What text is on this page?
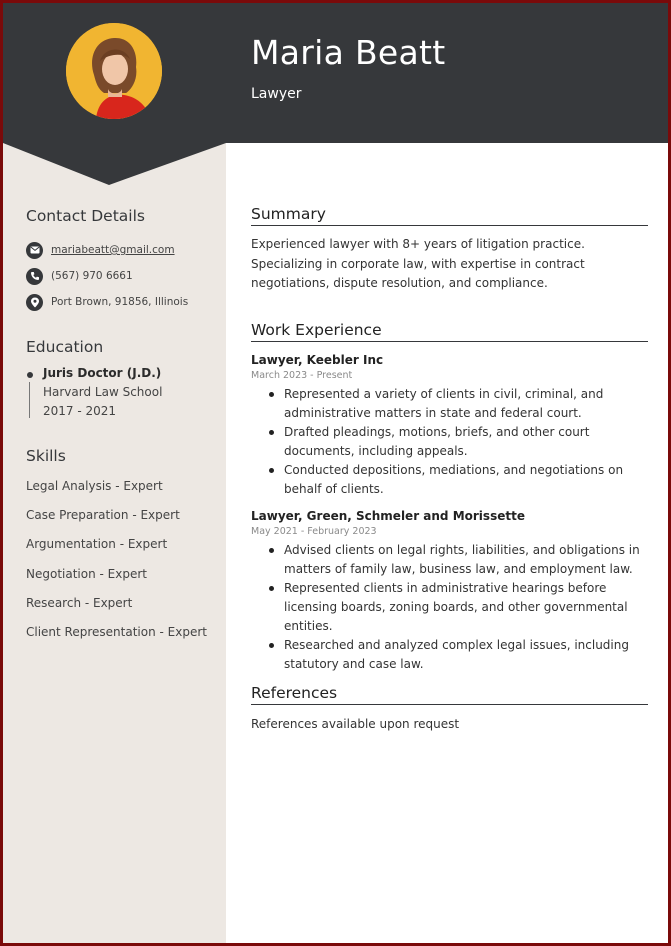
Maria Beatt
Lawyer
Contact Details
mariabeatt@gmail.com
(567) 970 6661
Port Brown, 91856, Illinois
Education
Juris Doctor (J.D.)
Harvard Law School
2017 - 2021
Skills
Legal Analysis - Expert
Case Preparation - Expert
Argumentation - Expert
Negotiation - Expert
Research - Expert
Client Representation - Expert
Summary
Experienced lawyer with 8+ years of litigation practice. Specializing in corporate law, with expertise in contract negotiations, dispute resolution, and compliance.
Work Experience
Lawyer, Keebler Inc
March 2023 - Present
Represented a variety of clients in civil, criminal, and administrative matters in state and federal court.
Drafted pleadings, motions, briefs, and other court documents, including appeals.
Conducted depositions, mediations, and negotiations on behalf of clients.
Lawyer, Green, Schmeler and Morissette
May 2021 - February 2023
Advised clients on legal rights, liabilities, and obligations in matters of family law, business law, and employment law.
Represented clients in administrative hearings before licensing boards, zoning boards, and other governmental entities.
Researched and analyzed complex legal issues, including statutory and case law.
References
References available upon request
